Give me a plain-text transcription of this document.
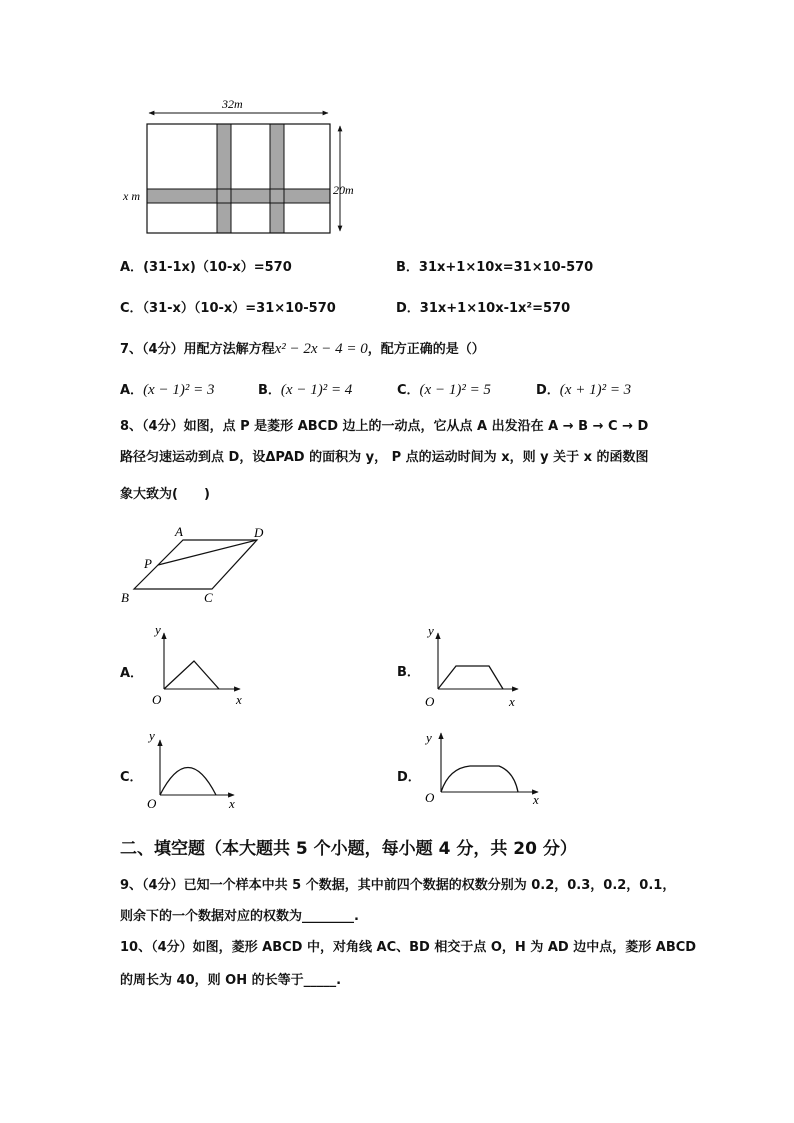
32m
20m
x m
A．(31-1x)（10-x）=570	B．31x+1×10x=31×10-570
C．（31-x）（10-x）=31×10-570	D．31x+1×10x-1x²=570
7、（4分）用配方法解方程x² − 2x − 4 = 0，配方正确的是（）
A．(x − 1)² = 3	B．(x − 1)² = 4	C．(x − 1)² = 5	D．(x + 1)² = 3
8、（4分）如图，点 P 是菱形 ABCD 边上的一动点，它从点 A 出发沿在 A → B → C → D
路径匀速运动到点 D，设ΔPAD 的面积为 y， P 点的运动时间为 x，则 y 关于 x 的函数图
象大致为(　　)
A	D
B	C
P
y
x
O
y
x
O
y
x
O
y
x
O
A．	B．
C．	D．
二、填空题（本大题共 5 个小题，每小题 4 分，共 20 分）
9、（4分）已知一个样本中共 5 个数据，其中前四个数据的权数分别为 0.2，0.3，0.2，0.1，
则余下的一个数据对应的权数为________.
10、（4分）如图，菱形 ABCD 中，对角线 AC、BD 相交于点 O，H 为 AD 边中点，菱形 ABCD
的周长为 40，则 OH 的长等于_____.
